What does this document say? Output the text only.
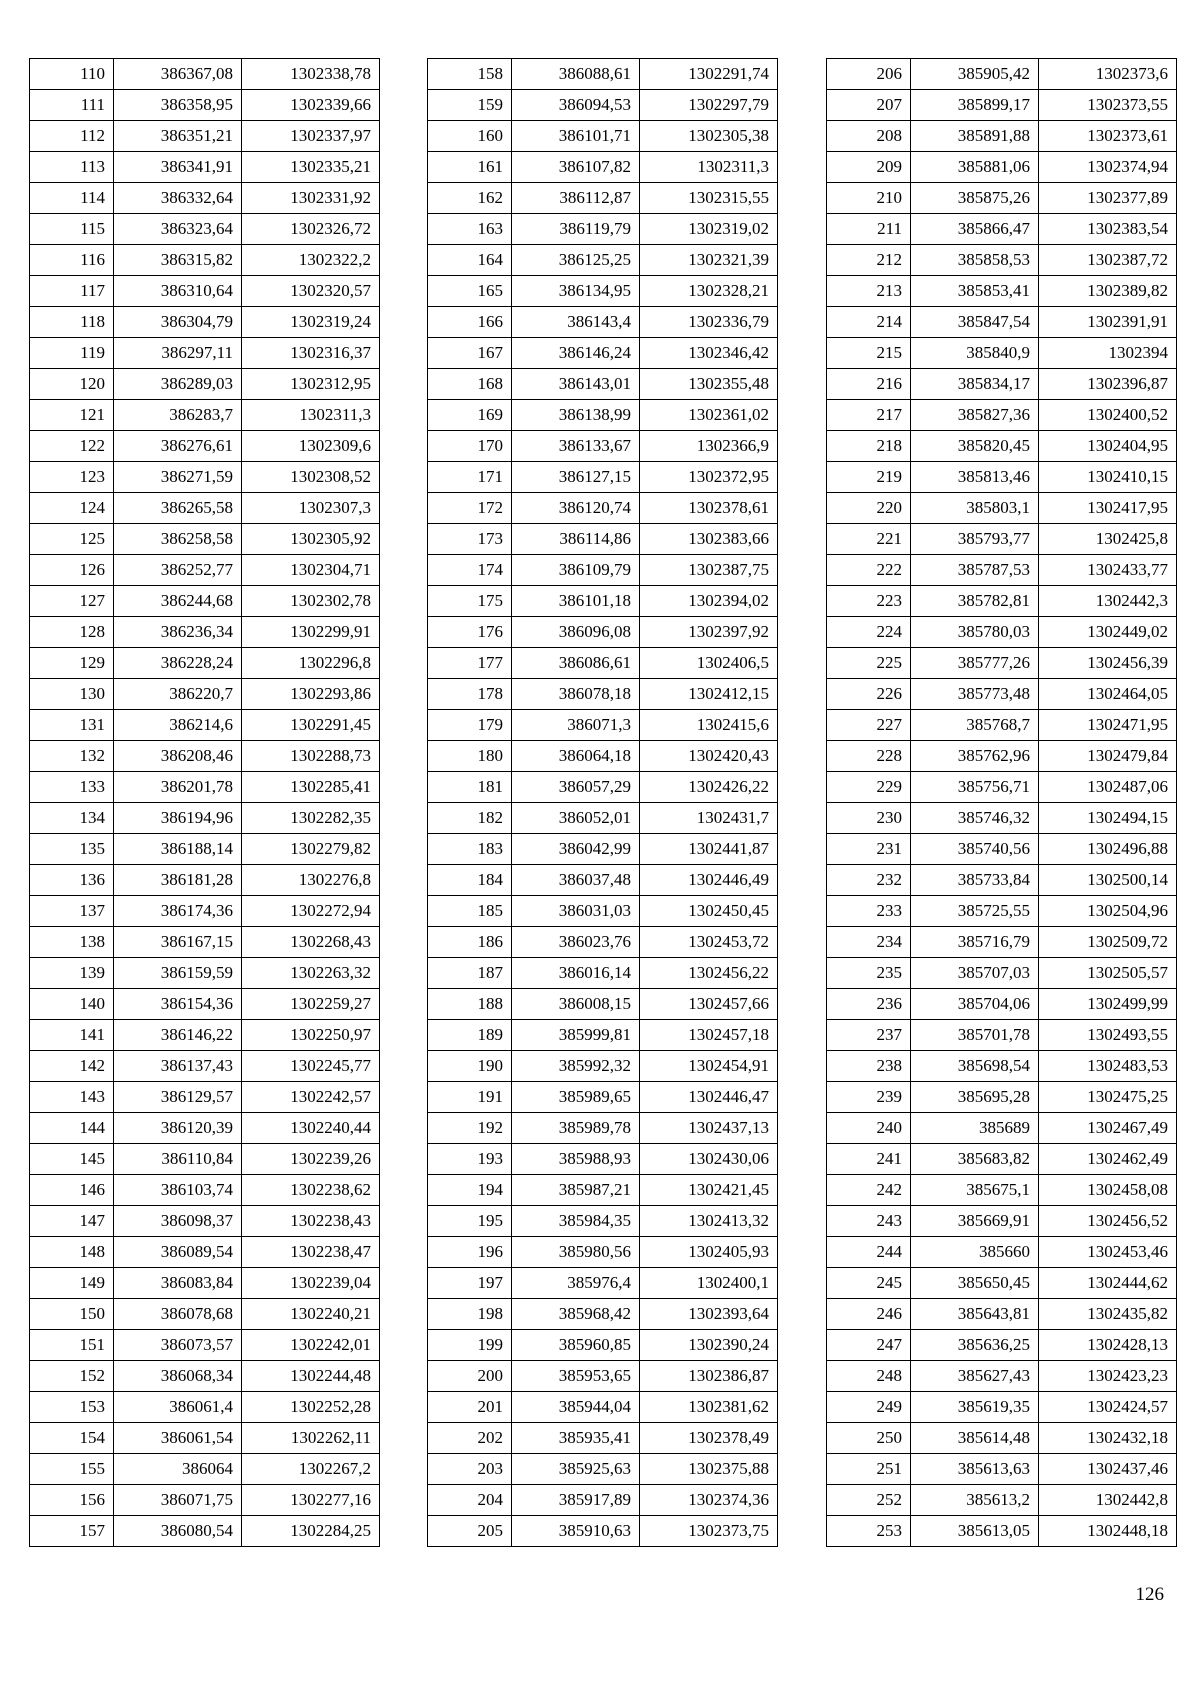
110	386367,08	1302338,78
111	386358,95	1302339,66
112	386351,21	1302337,97
113	386341,91	1302335,21
114	386332,64	1302331,92
115	386323,64	1302326,72
116	386315,82	1302322,2
117	386310,64	1302320,57
118	386304,79	1302319,24
119	386297,11	1302316,37
120	386289,03	1302312,95
121	386283,7	1302311,3
122	386276,61	1302309,6
123	386271,59	1302308,52
124	386265,58	1302307,3
125	386258,58	1302305,92
126	386252,77	1302304,71
127	386244,68	1302302,78
128	386236,34	1302299,91
129	386228,24	1302296,8
130	386220,7	1302293,86
131	386214,6	1302291,45
132	386208,46	1302288,73
133	386201,78	1302285,41
134	386194,96	1302282,35
135	386188,14	1302279,82
136	386181,28	1302276,8
137	386174,36	1302272,94
138	386167,15	1302268,43
139	386159,59	1302263,32
140	386154,36	1302259,27
141	386146,22	1302250,97
142	386137,43	1302245,77
143	386129,57	1302242,57
144	386120,39	1302240,44
145	386110,84	1302239,26
146	386103,74	1302238,62
147	386098,37	1302238,43
148	386089,54	1302238,47
149	386083,84	1302239,04
150	386078,68	1302240,21
151	386073,57	1302242,01
152	386068,34	1302244,48
153	386061,4	1302252,28
154	386061,54	1302262,11
155	386064	1302267,2
156	386071,75	1302277,16
157	386080,54	1302284,25
158	386088,61	1302291,74
159	386094,53	1302297,79
160	386101,71	1302305,38
161	386107,82	1302311,3
162	386112,87	1302315,55
163	386119,79	1302319,02
164	386125,25	1302321,39
165	386134,95	1302328,21
166	386143,4	1302336,79
167	386146,24	1302346,42
168	386143,01	1302355,48
169	386138,99	1302361,02
170	386133,67	1302366,9
171	386127,15	1302372,95
172	386120,74	1302378,61
173	386114,86	1302383,66
174	386109,79	1302387,75
175	386101,18	1302394,02
176	386096,08	1302397,92
177	386086,61	1302406,5
178	386078,18	1302412,15
179	386071,3	1302415,6
180	386064,18	1302420,43
181	386057,29	1302426,22
182	386052,01	1302431,7
183	386042,99	1302441,87
184	386037,48	1302446,49
185	386031,03	1302450,45
186	386023,76	1302453,72
187	386016,14	1302456,22
188	386008,15	1302457,66
189	385999,81	1302457,18
190	385992,32	1302454,91
191	385989,65	1302446,47
192	385989,78	1302437,13
193	385988,93	1302430,06
194	385987,21	1302421,45
195	385984,35	1302413,32
196	385980,56	1302405,93
197	385976,4	1302400,1
198	385968,42	1302393,64
199	385960,85	1302390,24
200	385953,65	1302386,87
201	385944,04	1302381,62
202	385935,41	1302378,49
203	385925,63	1302375,88
204	385917,89	1302374,36
205	385910,63	1302373,75
206	385905,42	1302373,6
207	385899,17	1302373,55
208	385891,88	1302373,61
209	385881,06	1302374,94
210	385875,26	1302377,89
211	385866,47	1302383,54
212	385858,53	1302387,72
213	385853,41	1302389,82
214	385847,54	1302391,91
215	385840,9	1302394
216	385834,17	1302396,87
217	385827,36	1302400,52
218	385820,45	1302404,95
219	385813,46	1302410,15
220	385803,1	1302417,95
221	385793,77	1302425,8
222	385787,53	1302433,77
223	385782,81	1302442,3
224	385780,03	1302449,02
225	385777,26	1302456,39
226	385773,48	1302464,05
227	385768,7	1302471,95
228	385762,96	1302479,84
229	385756,71	1302487,06
230	385746,32	1302494,15
231	385740,56	1302496,88
232	385733,84	1302500,14
233	385725,55	1302504,96
234	385716,79	1302509,72
235	385707,03	1302505,57
236	385704,06	1302499,99
237	385701,78	1302493,55
238	385698,54	1302483,53
239	385695,28	1302475,25
240	385689	1302467,49
241	385683,82	1302462,49
242	385675,1	1302458,08
243	385669,91	1302456,52
244	385660	1302453,46
245	385650,45	1302444,62
246	385643,81	1302435,82
247	385636,25	1302428,13
248	385627,43	1302423,23
249	385619,35	1302424,57
250	385614,48	1302432,18
251	385613,63	1302437,46
252	385613,2	1302442,8
253	385613,05	1302448,18
126
